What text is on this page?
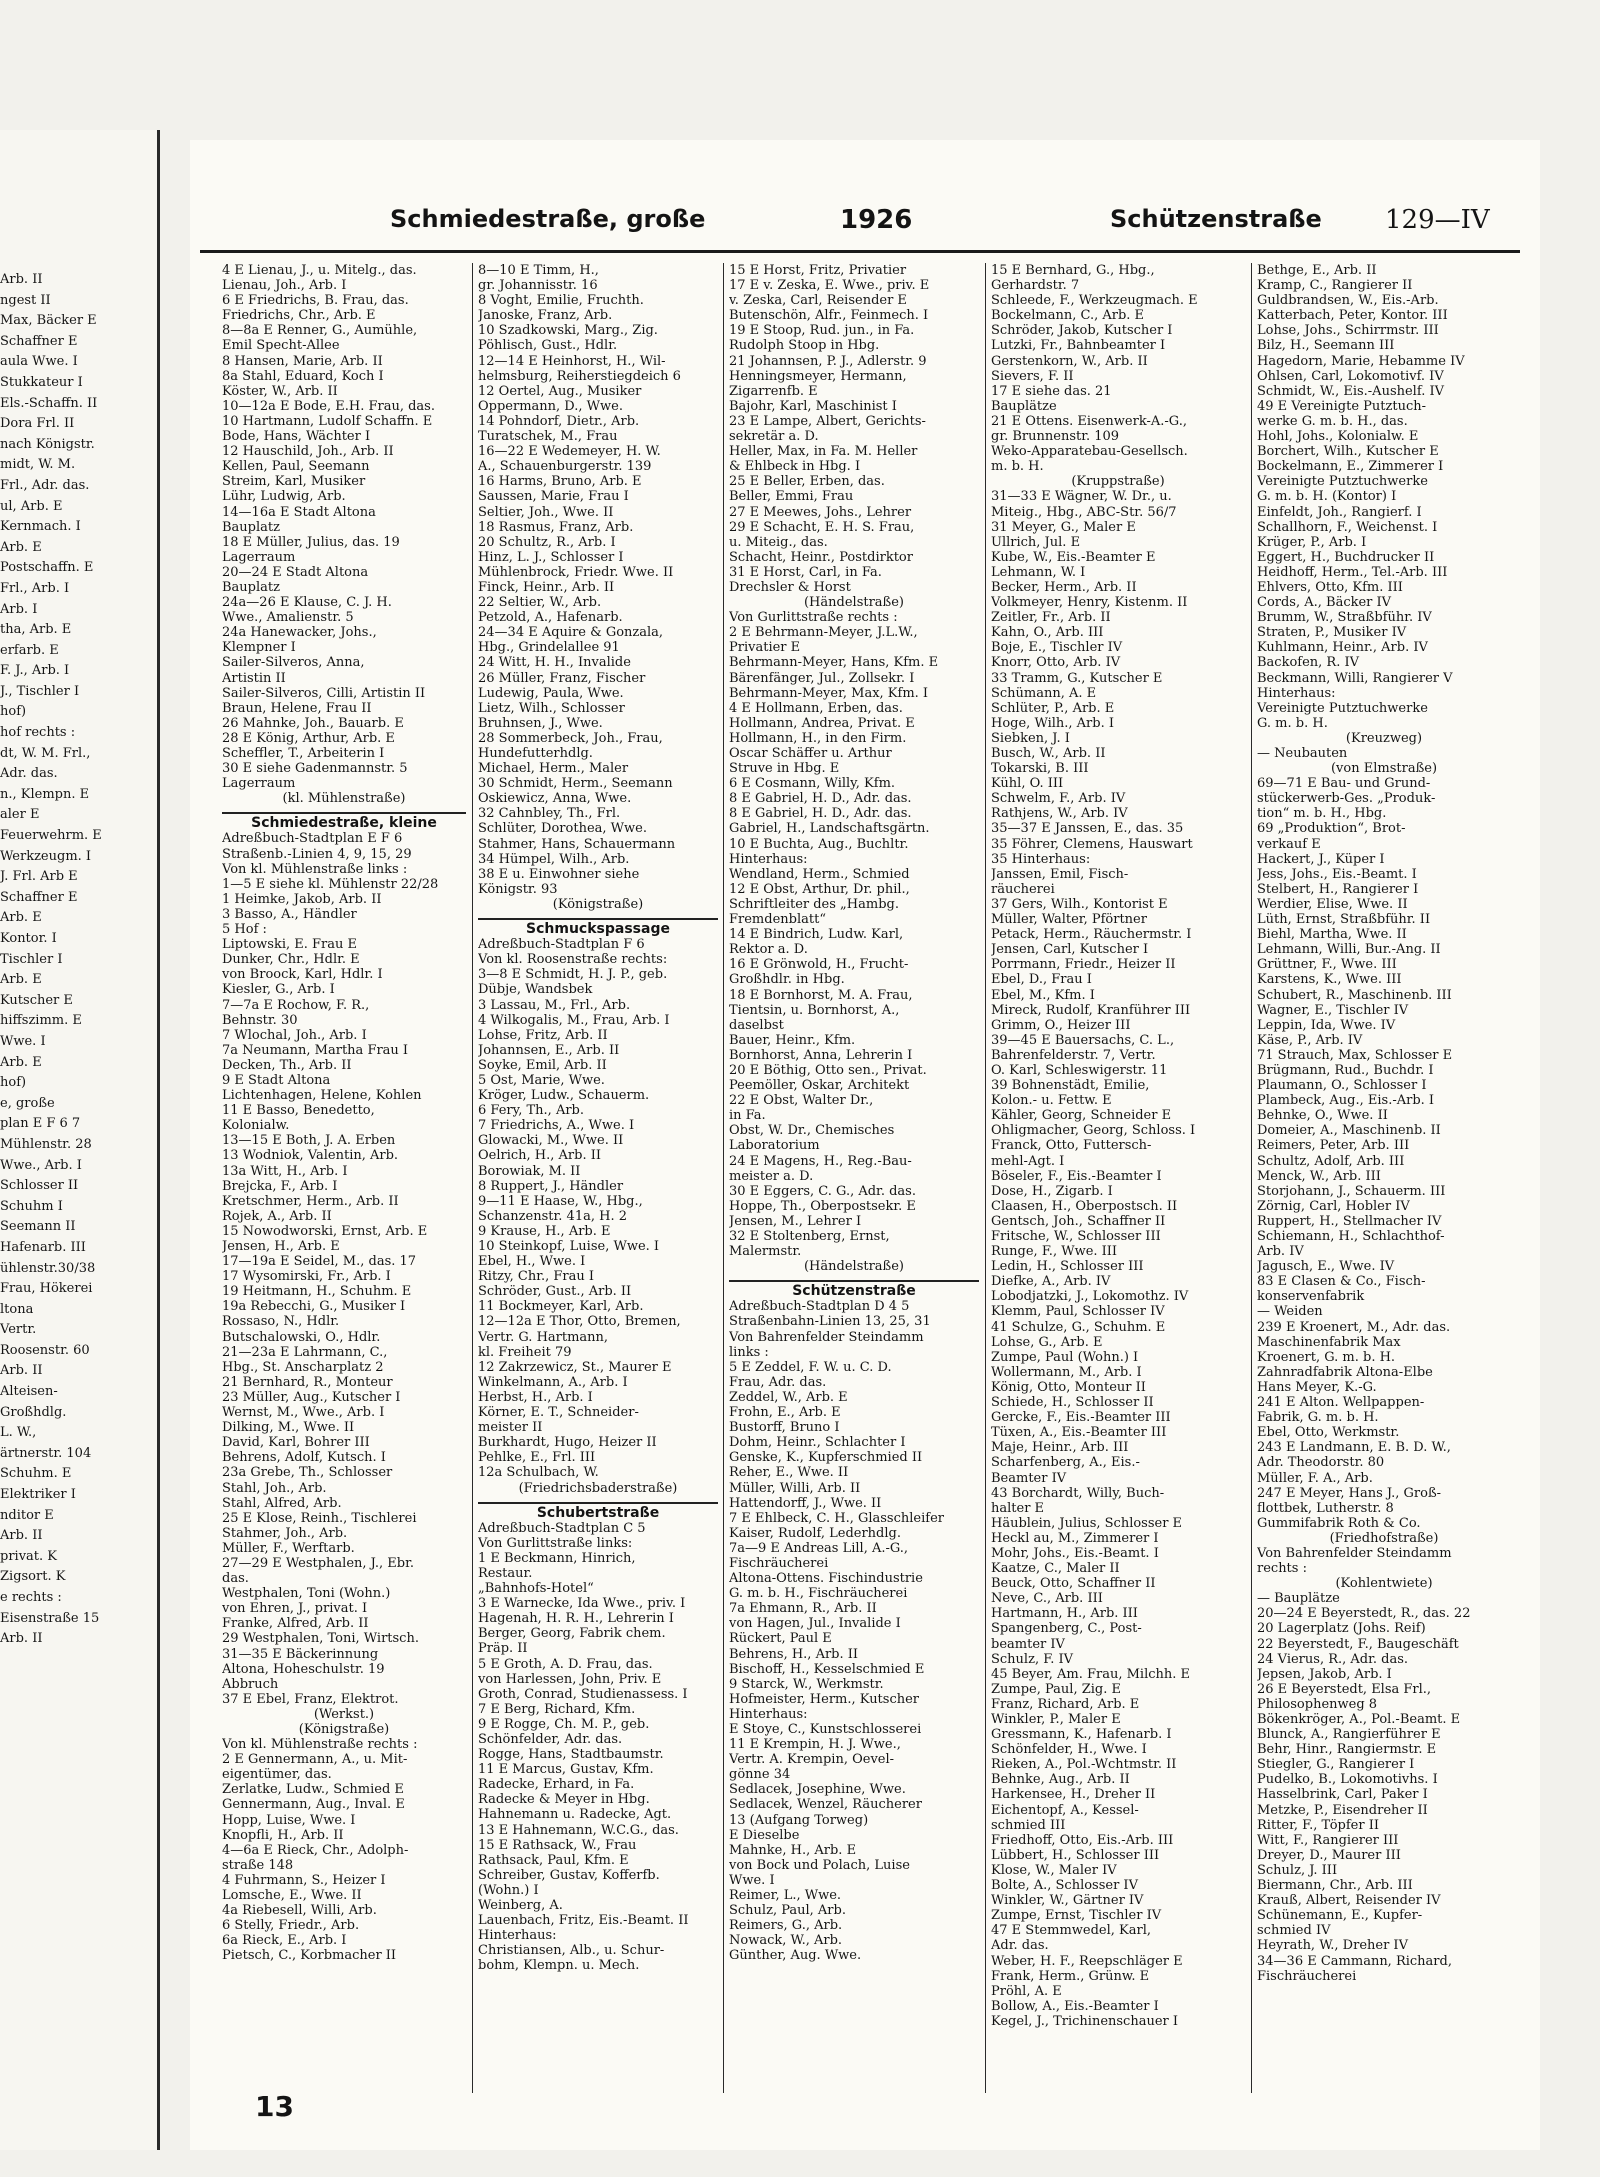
Arb. II
ngest II
Max, Bäcker E
Schaffner E
aula Wwe. I
Stukkateur I
Els.-Schaffn. II
Dora Frl. II
nach Königstr.
midt, W. M.
Frl., Adr. das.
ul, Arb. E
Kernmach. I
Arb. E
Postschaffn. E
Frl., Arb. I
Arb. I
tha, Arb. E
erfarb. E
F. J., Arb. I
J., Tischler I
hof)
hof rechts :
dt, W. M. Frl.,
Adr. das.
n., Klempn. E
aler E
Feuerwehrm. E
Werkzeugm. I
J. Frl. Arb E
Schaffner E
Arb. E
Kontor. I
Tischler I
Arb. E
Kutscher E
hiffszimm. E
Wwe. I
Arb. E
hof)
e, große
plan E F 6 7
Mühlenstr. 28
Wwe., Arb. I
Schlosser II
Schuhm I
Seemann II
Hafenarb. III
ühlenstr.30/38
Frau, Hökerei
ltona
Vertr.
Roosenstr. 60
Arb. II
Alteisen-
Großhdlg.
L. W.,
ärtnerstr. 104
Schuhm. E
Elektriker I
nditor E
Arb. II
privat. K
Zigsort. K
e rechts :
Eisenstraße 15
Arb. II
Schmiedestraße, große	1926	Schützenstraße 129—IV
4 E Lienau, J., u. Mitelg., das.
Lienau, Joh., Arb. I
6 E Friedrichs, B. Frau, das.
Friedrichs, Chr., Arb. E
8—8a E Renner, G., Aumühle,
Emil Specht-Allee
8 Hansen, Marie, Arb. II
8a Stahl, Eduard, Koch I
Köster, W., Arb. II
10—12a E Bode, E.H. Frau, das.
10 Hartmann, Ludolf Schaffn. E
Bode, Hans, Wächter I
12 Hauschild, Joh., Arb. II
Kellen, Paul, Seemann
Streim, Karl, Musiker
Lühr, Ludwig, Arb.
14—16a E Stadt Altona
Bauplatz
18 E Müller, Julius, das. 19
Lagerraum
20—24 E Stadt Altona
Bauplatz
24a—26 E Klause, C. J. H.
Wwe., Amalienstr. 5
24a Hanewacker, Johs.,
Klempner I
Sailer-Silveros, Anna,
Artistin II
Sailer-Silveros, Cilli, Artistin II
Braun, Helene, Frau II
26 Mahnke, Joh., Bauarb. E
28 E König, Arthur, Arb. E
Scheffler, T., Arbeiterin I
30 E siehe Gadenmannstr. 5
Lagerraum
(kl. Mühlenstraße)
Schmiedestraße, kleine
Adreßbuch-Stadtplan E F 6
Straßenb.-Linien 4, 9, 15, 29
Von kl. Mühlenstraße links :
1—5 E siehe kl. Mühlenstr 22/28
1 Heimke, Jakob, Arb. II
3 Basso, A., Händler
5 Hof :
Liptowski, E. Frau E
Dunker, Chr., Hdlr. E
von Broock, Karl, Hdlr. I
Kiesler, G., Arb. I
7—7a E Rochow, F. R.,
Behnstr. 30
7 Wlochal, Joh., Arb. I
7a Neumann, Martha Frau I
Decken, Th., Arb. II
9 E Stadt Altona
Lichtenhagen, Helene, Kohlen
11 E Basso, Benedetto,
Kolonialw.
13—15 E Both, J. A. Erben
13 Wodniok, Valentin, Arb.
13a Witt, H., Arb. I
Brejcka, F., Arb. I
Kretschmer, Herm., Arb. II
Rojek, A., Arb. II
15 Nowodworski, Ernst, Arb. E
Jensen, H., Arb. E
17—19a E Seidel, M., das. 17
17 Wysomirski, Fr., Arb. I
19 Heitmann, H., Schuhm. E
19a Rebecchi, G., Musiker I
Rossaso, N., Hdlr.
Butschalowski, O., Hdlr.
21—23a E Lahrmann, C.,
Hbg., St. Anscharplatz 2
21 Bernhard, R., Monteur
23 Müller, Aug., Kutscher I
Wernst, M., Wwe., Arb. I
Dilking, M., Wwe. II
David, Karl, Bohrer III
Behrens, Adolf, Kutsch. I
23a Grebe, Th., Schlosser
Stahl, Joh., Arb.
Stahl, Alfred, Arb.
25 E Klose, Reinh., Tischlerei
Stahmer, Joh., Arb.
Müller, F., Werftarb.
27—29 E Westphalen, J., Ebr.
das.
Westphalen, Toni (Wohn.)
von Ehren, J., privat. I
Franke, Alfred, Arb. II
29 Westphalen, Toni, Wirtsch.
31—35 E Bäckerinnung
Altona, Hoheschulstr. 19
Abbruch
37 E Ebel, Franz, Elektrot.
(Werkst.)
(Königstraße)
Von kl. Mühlenstraße rechts :
2 E Gennermann, A., u. Mit-
eigentümer, das.
Zerlatke, Ludw., Schmied E
Gennermann, Aug., Inval. E
Hopp, Luise, Wwe. I
Knopfli, H., Arb. II
4—6a E Rieck, Chr., Adolph-
straße 148
4 Fuhrmann, S., Heizer I
Lomsche, E., Wwe. II
4a Riebesell, Willi, Arb.
6 Stelly, Friedr., Arb.
6a Rieck, E., Arb. I
Pietsch, C., Korbmacher II
8—10 E Timm, H.,
gr. Johannisstr. 16
8 Voght, Emilie, Fruchth.
Janoske, Franz, Arb.
10 Szadkowski, Marg., Zig.
Pöhlisch, Gust., Hdlr.
12—14 E Heinhorst, H., Wil-
helmsburg, Reiherstiegdeich 6
12 Oertel, Aug., Musiker
Oppermann, D., Wwe.
14 Pohndorf, Dietr., Arb.
Turatschek, M., Frau
16—22 E Wedemeyer, H. W.
A., Schauenburgerstr. 139
16 Harms, Bruno, Arb. E
Saussen, Marie, Frau I
Seltier, Joh., Wwe. II
18 Rasmus, Franz, Arb.
20 Schultz, R., Arb. I
Hinz, L. J., Schlosser I
Mühlenbrock, Friedr. Wwe. II
Finck, Heinr., Arb. II
22 Seltier, W., Arb.
Petzold, A., Hafenarb.
24—34 E Aquire & Gonzala,
Hbg., Grindelallee 91
24 Witt, H. H., Invalide
26 Müller, Franz, Fischer
Ludewig, Paula, Wwe.
Lietz, Wilh., Schlosser
Bruhnsen, J., Wwe.
28 Sommerbeck, Joh., Frau,
Hundefutterhdlg.
Michael, Herm., Maler
30 Schmidt, Herm., Seemann
Oskiewicz, Anna, Wwe.
32 Cahnbley, Th., Frl.
Schlüter, Dorothea, Wwe.
Stahmer, Hans, Schauermann
34 Hümpel, Wilh., Arb.
38 E u. Einwohner siehe
Königstr. 93
(Königstraße)
Schmuckspassage
Adreßbuch-Stadtplan F 6
Von kl. Roosenstraße rechts:
3—8 E Schmidt, H. J. P., geb.
Dübje, Wandsbek
3 Lassau, M., Frl., Arb.
4 Wilkogalis, M., Frau, Arb. I
Lohse, Fritz, Arb. II
Johannsen, E., Arb. II
Soyke, Emil, Arb. II
5 Ost, Marie, Wwe.
Kröger, Ludw., Schauerm.
6 Fery, Th., Arb.
7 Friedrichs, A., Wwe. I
Glowacki, M., Wwe. II
Oelrich, H., Arb. II
Borowiak, M. II
8 Ruppert, J., Händler
9—11 E Haase, W., Hbg.,
Schanzenstr. 41a, H. 2
9 Krause, H., Arb. E
10 Steinkopf, Luise, Wwe. I
Ebel, H., Wwe. I
Ritzy, Chr., Frau I
Schröder, Gust., Arb. II
11 Bockmeyer, Karl, Arb.
12—12a E Thor, Otto, Bremen,
Vertr. G. Hartmann,
kl. Freiheit 79
12 Zakrzewicz, St., Maurer E
Winkelmann, A., Arb. I
Herbst, H., Arb. I
Körner, E. T., Schneider-
meister II
Burkhardt, Hugo, Heizer II
Pehlke, E., Frl. III
12a Schulbach, W.
(Friedrichsbaderstraße)
Schubertstraße
Adreßbuch-Stadtplan C 5
Von Gurlittstraße links:
1 E Beckmann, Hinrich,
Restaur.
„Bahnhofs-Hotel“
3 E Warnecke, Ida Wwe., priv. I
Hagenah, H. R. H., Lehrerin I
Berger, Georg, Fabrik chem.
Präp. II
5 E Groth, A. D. Frau, das.
von Harlessen, John, Priv. E
Groth, Conrad, Studienassess. I
7 E Berg, Richard, Kfm.
9 E Rogge, Ch. M. P., geb.
Schönfelder, Adr. das.
Rogge, Hans, Stadtbaumstr.
11 E Marcus, Gustav, Kfm.
Radecke, Erhard, in Fa.
Radecke & Meyer in Hbg.
Hahnemann u. Radecke, Agt.
13 E Hahnemann, W.C.G., das.
15 E Rathsack, W., Frau
Rathsack, Paul, Kfm. E
Schreiber, Gustav, Kofferfb.
(Wohn.) I
Weinberg, A.
Lauenbach, Fritz, Eis.-Beamt. II
Hinterhaus:
Christiansen, Alb., u. Schur-
bohm, Klempn. u. Mech.
15 E Horst, Fritz, Privatier
17 E v. Zeska, E. Wwe., priv. E
v. Zeska, Carl, Reisender E
Butenschön, Alfr., Feinmech. I
19 E Stoop, Rud. jun., in Fa.
Rudolph Stoop in Hbg.
21 Johannsen, P. J., Adlerstr. 9
Henningsmeyer, Hermann,
Zigarrenfb. E
Bajohr, Karl, Maschinist I
23 E Lampe, Albert, Gerichts-
sekretär a. D.
Heller, Max, in Fa. M. Heller
& Ehlbeck in Hbg. I
25 E Beller, Erben, das.
Beller, Emmi, Frau
27 E Meewes, Johs., Lehrer
29 E Schacht, E. H. S. Frau,
u. Miteig., das.
Schacht, Heinr., Postdirktor
31 E Horst, Carl, in Fa.
Drechsler & Horst
(Händelstraße)
Von Gurlittstraße rechts :
2 E Behrmann-Meyer, J.L.W.,
Privatier E
Behrmann-Meyer, Hans, Kfm. E
Bärenfänger, Jul., Zollsekr. I
Behrmann-Meyer, Max, Kfm. I
4 E Hollmann, Erben, das.
Hollmann, Andrea, Privat. E
Hollmann, H., in den Firm.
Oscar Schäffer u. Arthur
Struve in Hbg. E
6 E Cosmann, Willy, Kfm.
8 E Gabriel, H. D., Adr. das.
8 E Gabriel, H. D., Adr. das.
Gabriel, H., Landschaftsgärtn.
10 E Buchta, Aug., Buchltr.
Hinterhaus:
Wendland, Herm., Schmied
12 E Obst, Arthur, Dr. phil.,
Schriftleiter des „Hambg.
Fremdenblatt“
14 E Bindrich, Ludw. Karl,
Rektor a. D.
16 E Grönwold, H., Frucht-
Großhdlr. in Hbg.
18 E Bornhorst, M. A. Frau,
Tientsin, u. Bornhorst, A.,
daselbst
Bauer, Heinr., Kfm.
Bornhorst, Anna, Lehrerin I
20 E Böthig, Otto sen., Privat.
Peemöller, Oskar, Architekt
22 E Obst, Walter Dr.,
in Fa.
Obst, W. Dr., Chemisches
Laboratorium
24 E Magens, H., Reg.-Bau-
meister a. D.
30 E Eggers, C. G., Adr. das.
Hoppe, Th., Oberpostsekr. E
Jensen, M., Lehrer I
32 E Stoltenberg, Ernst,
Malermstr.
(Händelstraße)
Schützenstraße
Adreßbuch-Stadtplan D 4 5
Straßenbahn-Linien 13, 25, 31
Von Bahrenfelder Steindamm
links :
5 E Zeddel, F. W. u. C. D.
Frau, Adr. das.
Zeddel, W., Arb. E
Frohn, E., Arb. E
Bustorff, Bruno I
Dohm, Heinr., Schlachter I
Genske, K., Kupferschmied II
Reher, E., Wwe. II
Müller, Willi, Arb. II
Hattendorff, J., Wwe. II
7 E Ehlbeck, C. H., Glasschleifer
Kaiser, Rudolf, Lederhdlg.
7a—9 E Andreas Lill, A.-G.,
Fischräucherei
Altona-Ottens. Fischindustrie
G. m. b. H., Fischräucherei
7a Ehmann, R., Arb. II
von Hagen, Jul., Invalide I
Rückert, Paul E
Behrens, H., Arb. II
Bischoff, H., Kesselschmied E
9 Starck, W., Werkmstr.
Hofmeister, Herm., Kutscher
Hinterhaus:
E Stoye, C., Kunstschlosserei
11 E Krempin, H. J. Wwe.,
Vertr. A. Krempin, Oevel-
gönne 34
Sedlacek, Josephine, Wwe.
Sedlacek, Wenzel, Räucherer
13 (Aufgang Torweg)
E Dieselbe
Mahnke, H., Arb. E
von Bock und Polach, Luise
Wwe. I
Reimer, L., Wwe.
Schulz, Paul, Arb.
Reimers, G., Arb.
Nowack, W., Arb.
Günther, Aug. Wwe.
15 E Bernhard, G., Hbg.,
Gerhardstr. 7
Schleede, F., Werkzeugmach. E
Bockelmann, C., Arb. E
Schröder, Jakob, Kutscher I
Lutzki, Fr., Bahnbeamter I
Gerstenkorn, W., Arb. II
Sievers, F. II
17 E siehe das. 21
Bauplätze
21 E Ottens. Eisenwerk-A.-G.,
gr. Brunnenstr. 109
Weko-Apparatebau-Gesellsch.
m. b. H.
(Kruppstraße)
31—33 E Wägner, W. Dr., u.
Miteig., Hbg., ABC-Str. 56/7
31 Meyer, G., Maler E
Ullrich, Jul. E
Kube, W., Eis.-Beamter E
Lehmann, W. I
Becker, Herm., Arb. II
Volkmeyer, Henry, Kistenm. II
Zeitler, Fr., Arb. II
Kahn, O., Arb. III
Boje, E., Tischler IV
Knorr, Otto, Arb. IV
33 Tramm, G., Kutscher E
Schümann, A. E
Schlüter, P., Arb. E
Hoge, Wilh., Arb. I
Siebken, J. I
Busch, W., Arb. II
Tokarski, B. III
Kühl, O. III
Schwelm, F., Arb. IV
Rathjens, W., Arb. IV
35—37 E Janssen, E., das. 35
35 Föhrer, Clemens, Hauswart
35 Hinterhaus:
Janssen, Emil, Fisch-
räucherei
37 Gers, Wilh., Kontorist E
Müller, Walter, Pförtner
Petack, Herm., Räuchermstr. I
Jensen, Carl, Kutscher I
Porrmann, Friedr., Heizer II
Ebel, D., Frau I
Ebel, M., Kfm. I
Mireck, Rudolf, Kranführer III
Grimm, O., Heizer III
39—45 E Bauersachs, C. L.,
Bahrenfelderstr. 7, Vertr.
O. Karl, Schleswigerstr. 11
39 Bohnenstädt, Emilie,
Kolon.- u. Fettw. E
Kähler, Georg, Schneider E
Ohligmacher, Georg, Schloss. I
Franck, Otto, Futtersch-
mehl-Agt. I
Böseler, F., Eis.-Beamter I
Dose, H., Zigarb. I
Claasen, H., Oberpostsch. II
Gentsch, Joh., Schaffner II
Fritsche, W., Schlosser III
Runge, F., Wwe. III
Ledin, H., Schlosser III
Diefke, A., Arb. IV
Lobodjatzki, J., Lokomothz. IV
Klemm, Paul, Schlosser IV
41 Schulze, G., Schuhm. E
Lohse, G., Arb. E
Zumpe, Paul (Wohn.) I
Wollermann, M., Arb. I
König, Otto, Monteur II
Schiede, H., Schlosser II
Gercke, F., Eis.-Beamter III
Tüxen, A., Eis.-Beamter III
Maje, Heinr., Arb. III
Scharfenberg, A., Eis.-
Beamter IV
43 Borchardt, Willy, Buch-
halter E
Häublein, Julius, Schlosser E
Heckl au, M., Zimmerer I
Mohr, Johs., Eis.-Beamt. I
Kaatze, C., Maler II
Beuck, Otto, Schaffner II
Neve, C., Arb. III
Hartmann, H., Arb. III
Spangenberg, C., Post-
beamter IV
Schulz, F. IV
45 Beyer, Am. Frau, Milchh. E
Zumpe, Paul, Zig. E
Franz, Richard, Arb. E
Winkler, P., Maler E
Gressmann, K., Hafenarb. I
Schönfelder, H., Wwe. I
Rieken, A., Pol.-Wchtmstr. II
Behnke, Aug., Arb. II
Harkensee, H., Dreher II
Eichentopf, A., Kessel-
schmied III
Friedhoff, Otto, Eis.-Arb. III
Lübbert, H., Schlosser III
Klose, W., Maler IV
Bolte, A., Schlosser IV
Winkler, W., Gärtner IV
Zumpe, Ernst, Tischler IV
47 E Stemmwedel, Karl,
Adr. das.
Weber, H. F., Reepschläger E
Frank, Herm., Grünw. E
Pröhl, A. E
Bollow, A., Eis.-Beamter I
Kegel, J., Trichinenschauer I
Bethge, E., Arb. II
Kramp, C., Rangierer II
Guldbrandsen, W., Eis.-Arb.
Katterbach, Peter, Kontor. III
Lohse, Johs., Schirrmstr. III
Bilz, H., Seemann III
Hagedorn, Marie, Hebamme IV
Ohlsen, Carl, Lokomotivf. IV
Schmidt, W., Eis.-Aushelf. IV
49 E Vereinigte Putztuch-
werke G. m. b. H., das.
Hohl, Johs., Kolonialw. E
Borchert, Wilh., Kutscher E
Bockelmann, E., Zimmerer I
Vereinigte Putztuchwerke
G. m. b. H. (Kontor) I
Einfeldt, Joh., Rangierf. I
Schallhorn, F., Weichenst. I
Krüger, P., Arb. I
Eggert, H., Buchdrucker II
Heidhoff, Herm., Tel.-Arb. III
Ehlvers, Otto, Kfm. III
Cords, A., Bäcker IV
Brumm, W., Straßbführ. IV
Straten, P., Musiker IV
Kuhlmann, Heinr., Arb. IV
Backofen, R. IV
Beckmann, Willi, Rangierer V
Hinterhaus:
Vereinigte Putztuchwerke
G. m. b. H.
(Kreuzweg)
— Neubauten
(von Elmstraße)
69—71 E Bau- und Grund-
stückerwerb-Ges. „Produk-
tion“ m. b. H., Hbg.
69 „Produktion“, Brot-
verkauf E
Hackert, J., Küper I
Jess, Johs., Eis.-Beamt. I
Stelbert, H., Rangierer I
Werdier, Elise, Wwe. II
Lüth, Ernst, Straßbführ. II
Biehl, Martha, Wwe. II
Lehmann, Willi, Bur.-Ang. II
Grüttner, F., Wwe. III
Karstens, K., Wwe. III
Schubert, R., Maschinenb. III
Wagner, E., Tischler IV
Leppin, Ida, Wwe. IV
Käse, P., Arb. IV
71 Strauch, Max, Schlosser E
Brügmann, Rud., Buchdr. I
Plaumann, O., Schlosser I
Plambeck, Aug., Eis.-Arb. I
Behnke, O., Wwe. II
Domeier, A., Maschinenb. II
Reimers, Peter, Arb. III
Schultz, Adolf, Arb. III
Menck, W., Arb. III
Storjohann, J., Schauerm. III
Zörnig, Carl, Hobler IV
Ruppert, H., Stellmacher IV
Schiemann, H., Schlachthof-
Arb. IV
Jagusch, E., Wwe. IV
83 E Clasen & Co., Fisch-
konservenfabrik
— Weiden
239 E Kroenert, M., Adr. das.
Maschinenfabrik Max
Kroenert, G. m. b. H.
Zahnradfabrik Altona-Elbe
Hans Meyer, K.-G.
241 E Alton. Wellpappen-
Fabrik, G. m. b. H.
Ebel, Otto, Werkmstr.
243 E Landmann, E. B. D. W.,
Adr. Theodorstr. 80
Müller, F. A., Arb.
247 E Meyer, Hans J., Groß-
flottbek, Lutherstr. 8
Gummifabrik Roth & Co.
(Friedhofstraße)
Von Bahrenfelder Steindamm
rechts :
(Kohlentwiete)
— Bauplätze
20—24 E Beyerstedt, R., das. 22
20 Lagerplatz (Johs. Reif)
22 Beyerstedt, F., Baugeschäft
24 Vierus, R., Adr. das.
Jepsen, Jakob, Arb. I
26 E Beyerstedt, Elsa Frl.,
Philosophenweg 8
Bökenkröger, A., Pol.-Beamt. E
Blunck, A., Rangierführer E
Behr, Hinr., Rangiermstr. E
Stiegler, G., Rangierer I
Pudelko, B., Lokomotivhs. I
Hasselbrink, Carl, Paker I
Metzke, P., Eisendreher II
Ritter, F., Töpfer II
Witt, F., Rangierer III
Dreyer, D., Maurer III
Schulz, J. III
Biermann, Chr., Arb. III
Krauß, Albert, Reisender IV
Schünemann, E., Kupfer-
schmied IV
Heyrath, W., Dreher IV
34—36 E Cammann, Richard,
Fischräucherei
13
